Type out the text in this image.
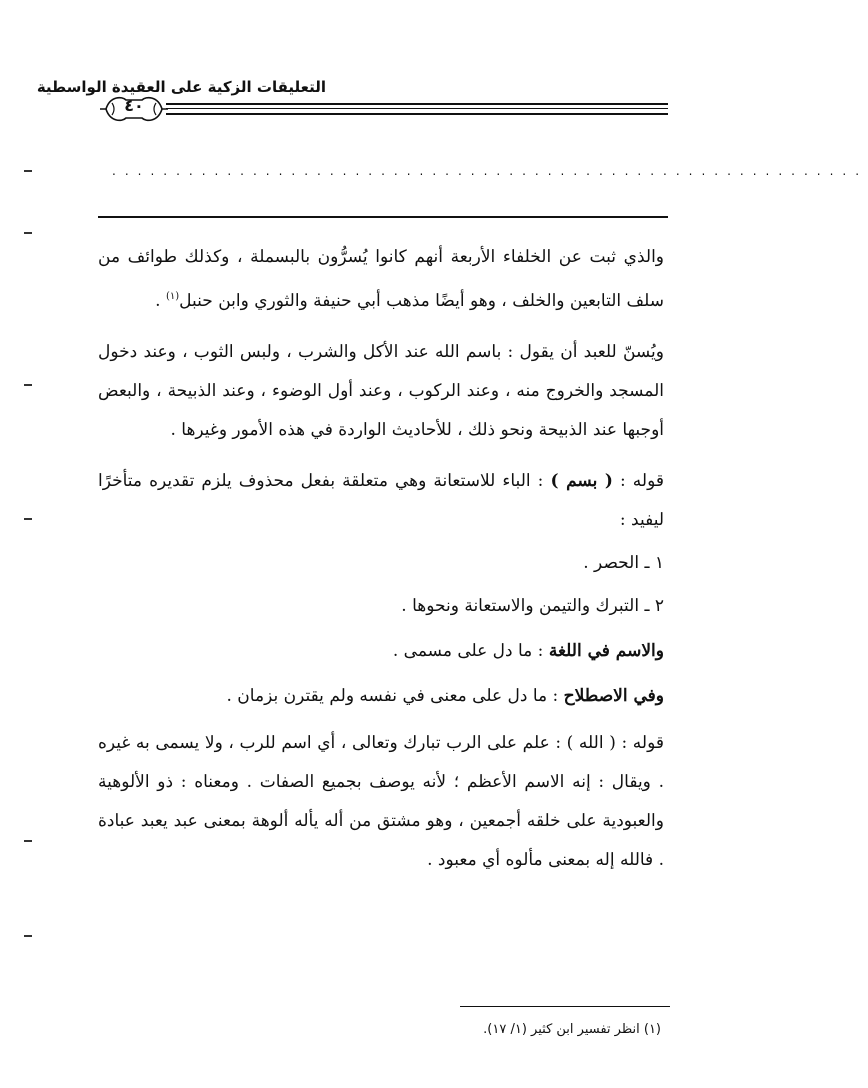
التعليقات الزكية على العقيدة الواسطية
٤٠
...........................................................

والذي ثبت عن الخلفاء الأربعة أنهم كانوا يُسرُّون بالبسملة ، وكذلك طوائف من سلف التابعين والخلف ، وهو أيضًا مذهب أبي حنيفة والثوري وابن حنبل$^{(١)}$ .

ويُسنّ للعبد أن يقول : باسم الله عند الأكل والشرب ، ولبس الثوب ، وعند دخول المسجد والخروج منه ، وعند الركوب ، وعند أول الوضوء ، وعند الذبيحة ، والبعض أوجبها عند الذبيحة ونحو ذلك ، للأحاديث الواردة في هذه الأمور وغيرها .

قوله : ( بسم ) : الباء للاستعانة وهي متعلقة بفعل محذوف يلزم تقديره متأخرًا ليفيد :

١ ـ الحصر .

٢ ـ التبرك والتيمن والاستعانة ونحوها .

والاسم في اللغة : ما دل على مسمى .

وفي الاصطلاح : ما دل على معنى في نفسه ولم يقترن بزمان .

قوله : ( الله ) : علم على الرب تبارك وتعالى ، أي اسم للرب ، ولا يسمى به غيره . ويقال : إنه الاسم الأعظم ؛ لأنه يوصف بجميع الصفات . ومعناه : ذو الألوهية والعبودية على خلقه أجمعين ، وهو مشتق من أله يأله ألوهة بمعنى عبد يعبد عبادة . فالله إله بمعنى مألوه أي معبود .

(١) انظر تفسير ابن كثير (١/ ١٧).
